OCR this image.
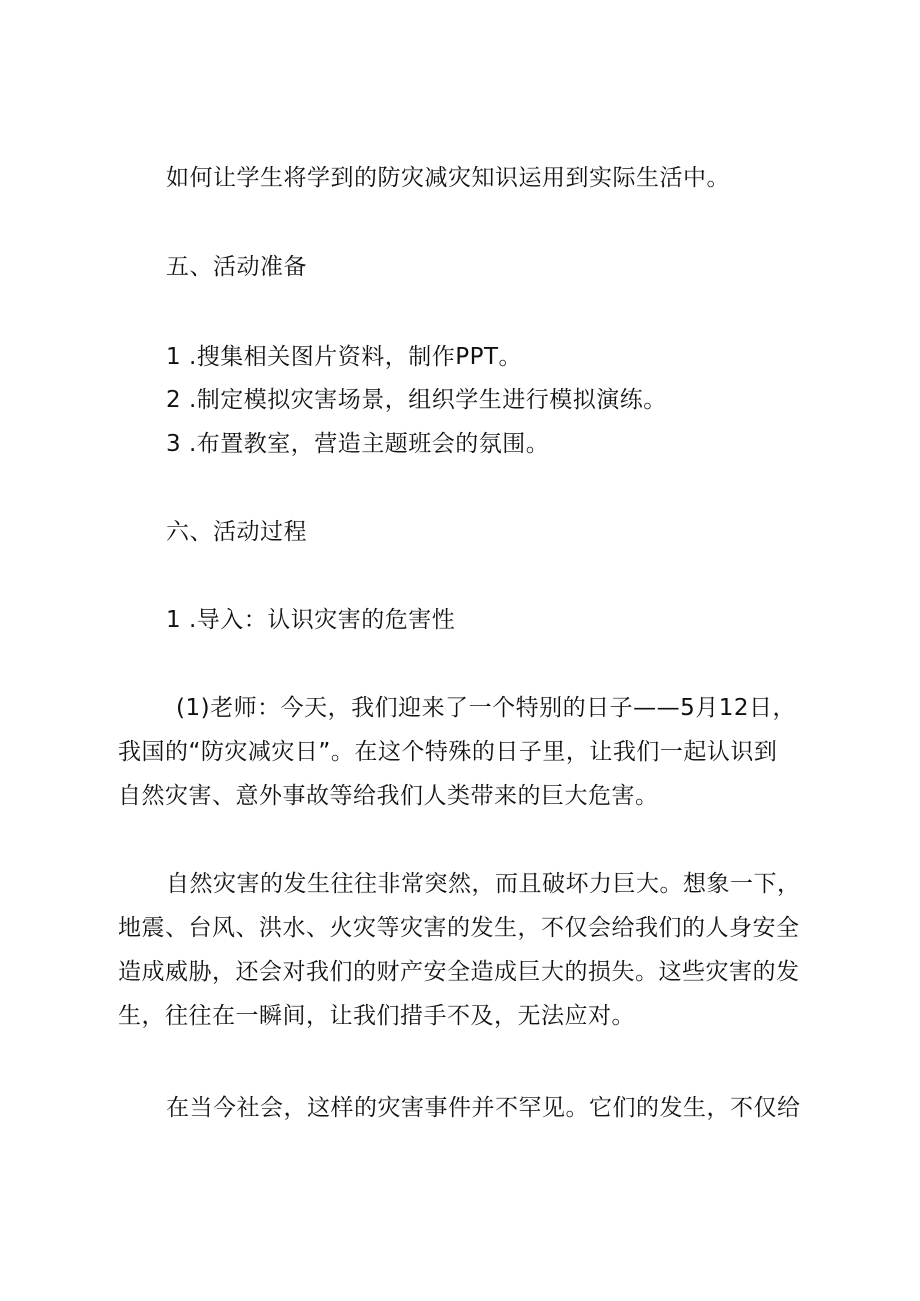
如何让学生将学到的防灾减灾知识运用到实际生活中。
五、活动准备
1 .搜集相关图片资料，制作PPT。
2 .制定模拟灾害场景，组织学生进行模拟演练。
3 .布置教室，营造主题班会的氛围。
六、活动过程
1 .导入：认识灾害的危害性
(1)老师：今天，我们迎来了一个特别的日子——5月12日，
我国的“防灾减灾日”。在这个特殊的日子里，让我们一起认识到
自然灾害、意外事故等给我们人类带来的巨大危害。
自然灾害的发生往往非常突然，而且破坏力巨大。想象一下，
地震、台风、洪水、火灾等灾害的发生，不仅会给我们的人身安全
造成威胁，还会对我们的财产安全造成巨大的损失。这些灾害的发
生，往往在一瞬间，让我们措手不及，无法应对。
在当今社会，这样的灾害事件并不罕见。它们的发生，不仅给
